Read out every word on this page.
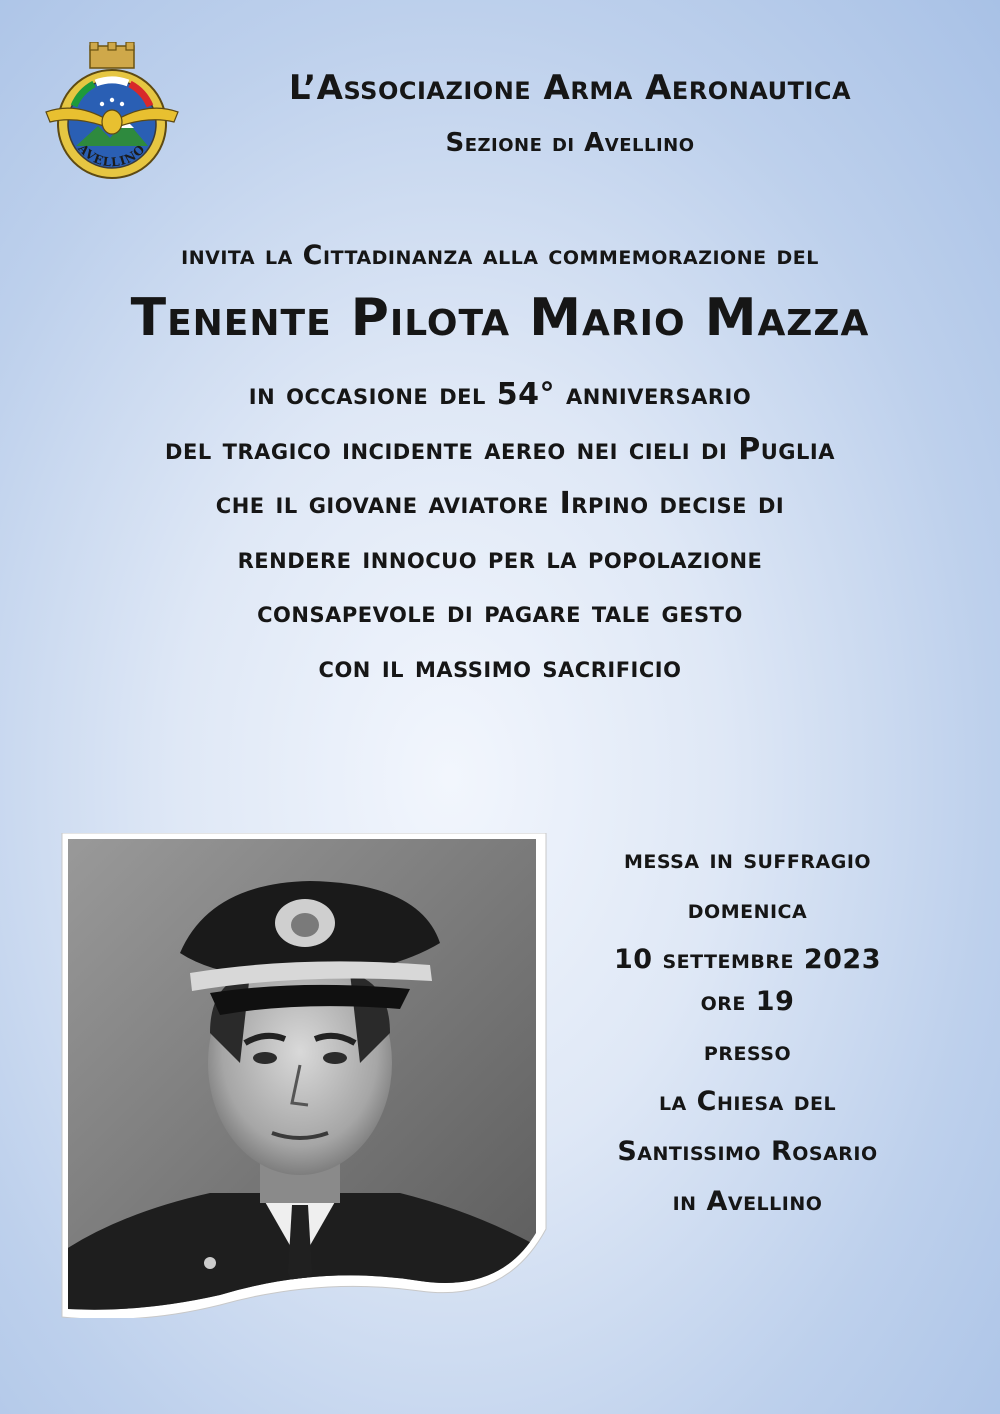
AVELLINO
L’Associazione Arma Aeronautica
Sezione di Avellino
invita la Cittadinanza alla commemorazione del
Tenente Pilota Mario Mazza
in occasione del 54° anniversario
del tragico incidente aereo nei cieli di Puglia
che il giovane aviatore Irpino decise di
rendere innocuo per la popolazione
consapevole di pagare tale gesto
con il massimo sacrificio
messa in suffragio
domenica
10 settembre 2023
ore 19
presso
la Chiesa del
Santissimo Rosario
in Avellino
